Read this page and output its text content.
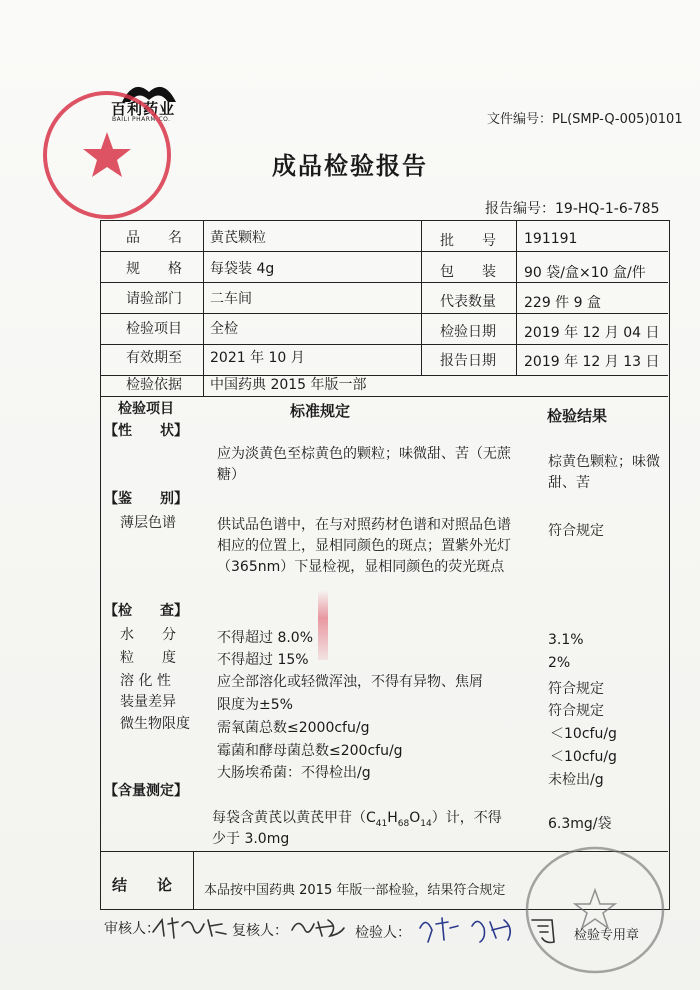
百利药业
BAILI PHARM.CO.	文件编号：PL(SMP-Q-005)0101
成品检验报告
报告编号：19-HQ-1-6-785
品　　名	黄芪颗粒	批　　号	191191
规　　格	每袋装 4g	包　　装	90 袋/盒×10 盒/件
请验部门	二车间	代表数量	229 件 9 盒
检验项目	全检	检验日期	2019 年 12 月 04 日
有效期至	2021 年 10 月	报告日期	2019 年 12 月 13 日
检验依据	中国药典 2015 年版一部
检验项目	标准规定	检验结果
【性　　状】
应为淡黄色至棕黄色的颗粒；味微甜、苦（无蔗糖）
棕黄色颗粒；味微甜、苦
【鉴　　别】
薄层色谱	供试品色谱中，在与对照药材色谱和对照品色谱相应的位置上，显相同颜色的斑点；置紫外光灯（365nm）下显检视，显相同颜色的荧光斑点
符合规定
【检　　查】
水　　分	不得超过 8.0%	3.1%
粒　　度	不得超过 15%	2%
溶 化 性	应全部溶化或轻微浑浊，不得有异物、焦屑	符合规定
装量差异	限度为±5%	符合规定
微生物限度 需氧菌总数≤2000cfu/g	＜10cfu/g
霉菌和酵母菌总数≤200cfu/g	＜10cfu/g
大肠埃希菌：不得检出/g	未检出/g
【含量测定】
每袋含黄芪以黄芪甲苷$(C_{41}H_{68}O_{14})$计，不得
少于 3.0mg
6.3mg/袋
结　　论 本品按中国药典 2015 年版一部检验，结果符合规定
审核人：	复核人：	检验人：	检验专用章
